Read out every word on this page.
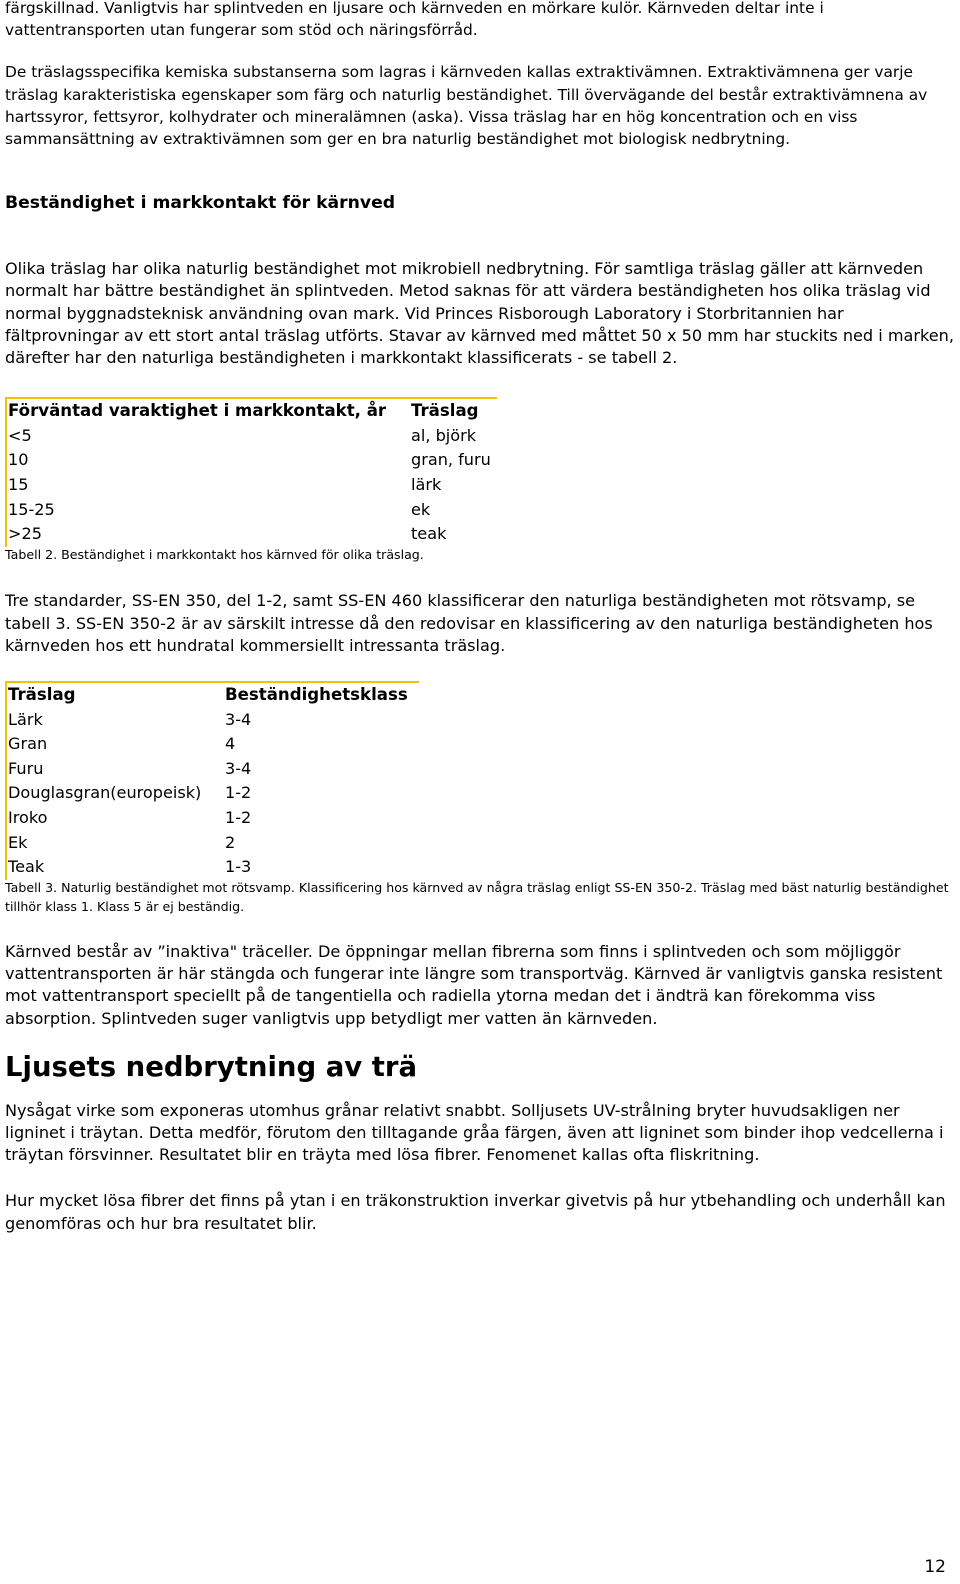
färgskillnad. Vanligtvis har splintveden en ljusare och kärnveden en mörkare kulör. Kärnveden deltar inte i vattentransporten utan fungerar som stöd och näringsförråd.

De träslagsspecifika kemiska substanserna som lagras i kärnveden kallas extraktivämnen. Extraktivämnena ger varje träslag karakteristiska egenskaper som färg och naturlig beständighet. Till övervägande del består extraktivämnena av hartssyror, fettsyror, kolhydrater och mineralämnen (aska). Vissa träslag har en hög koncentration och en viss sammansättning av extraktivämnen som ger en bra naturlig beständighet mot biologisk nedbrytning.

Beständighet i markkontakt för kärnved

Olika träslag har olika naturlig beständighet mot mikrobiell nedbrytning. För samtliga träslag gäller att kärnveden normalt har bättre beständighet än splintveden. Metod saknas för att värdera beständigheten hos olika träslag vid normal byggnadsteknisk användning ovan mark. Vid Princes Risborough Laboratory i Storbritannien har fältprovningar av ett stort antal träslag utförts. Stavar av kärnved med måttet 50 x 50 mm har stuckits ned i marken, därefter har den naturliga beständigheten i markkontakt klassificerats - se tabell 2.

Förväntad varaktighet i markkontakt, år	Träslag
<5	al, björk
10	gran, furu
15	lärk
15-25	ek
>25	teak

Tabell 2. Beständighet i markkontakt hos kärnved för olika träslag.

Tre standarder, SS-EN 350, del 1-2, samt SS-EN 460 klassificerar den naturliga beständigheten mot rötsvamp, se tabell 3. SS-EN 350-2 är av särskilt intresse då den redovisar en klassificering av den naturliga beständigheten hos kärnveden hos ett hundratal kommersiellt intressanta träslag.

Träslag	Beständighetsklass
Lärk	3-4
Gran	4
Furu	3-4
Douglasgran(europeisk)	1-2
Iroko	1-2
Ek	2
Teak	1-3

Tabell 3. Naturlig beständighet mot rötsvamp. Klassificering hos kärnved av några träslag enligt SS-EN 350-2. Träslag med bäst naturlig beständighet tillhör klass 1. Klass 5 är ej beständig.

Kärnved består av ”inaktiva" träceller. De öppningar mellan fibrerna som finns i splintveden och som möjliggör vattentransporten är här stängda och fungerar inte längre som transportväg. Kärnved är vanligtvis ganska resistent mot vattentransport speciellt på de tangentiella och radiella ytorna medan det i ändträ kan förekomma viss absorption. Splintveden suger vanligtvis upp betydligt mer vatten än kärnveden.

Ljusets nedbrytning av trä

Nysågat virke som exponeras utomhus grånar relativt snabbt. Solljusets UV-strålning bryter huvudsakligen ner ligninet i träytan. Detta medför, förutom den tilltagande gråa färgen, även att ligninet som binder ihop vedcellerna i träytan försvinner. Resultatet blir en träyta med lösa fibrer. Fenomenet kallas ofta fliskritning.

Hur mycket lösa fibrer det finns på ytan i en träkonstruktion inverkar givetvis på hur ytbehandling och underhåll kan genomföras och hur bra resultatet blir.

12
